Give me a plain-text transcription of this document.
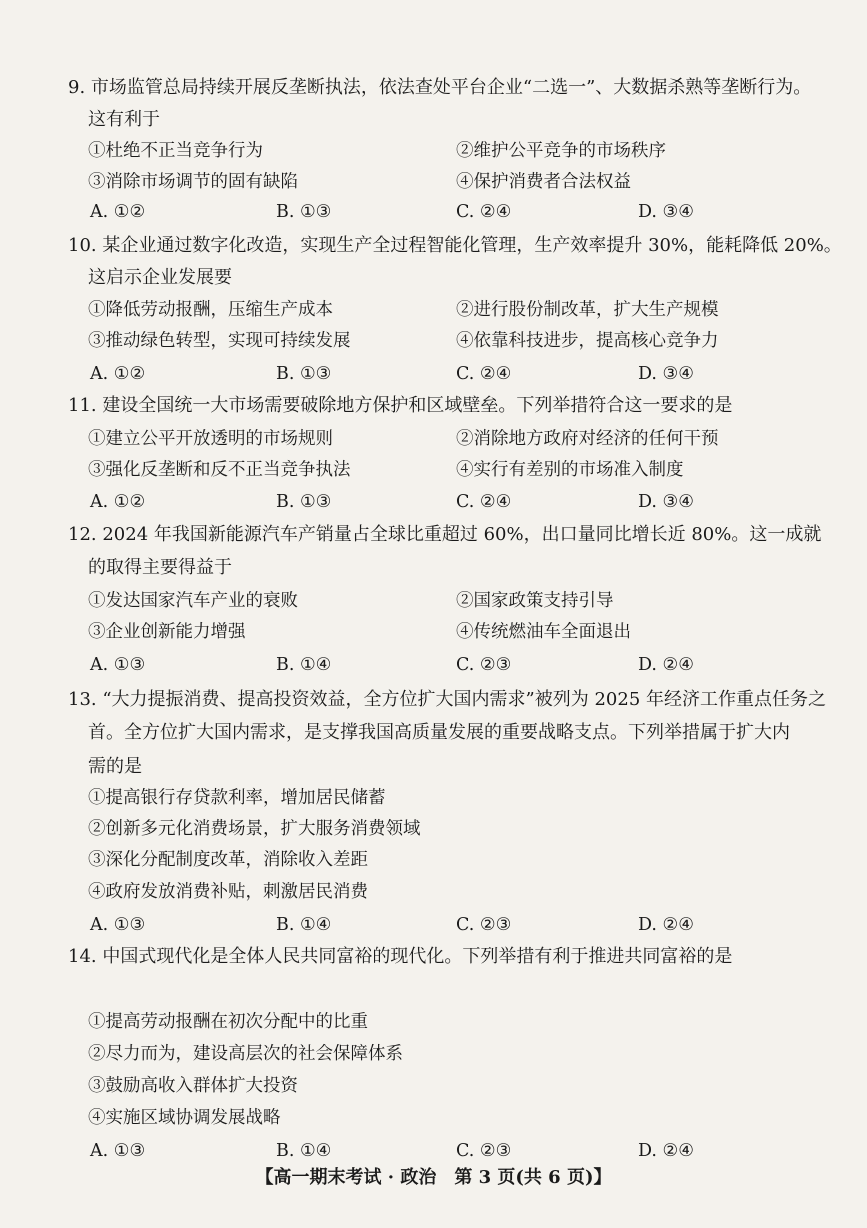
9. 市场监管总局持续开展反垄断执法，依法查处平台企业“二选一”、大数据杀熟等垄断行为。
这有利于
①杜绝不正当竞争行为	②维护公平竞争的市场秩序
③消除市场调节的固有缺陷	④保护消费者合法权益
A. ①②	B. ①③	C. ②④	D. ③④
10. 某企业通过数字化改造，实现生产全过程智能化管理，生产效率提升 30%，能耗降低 20%。
这启示企业发展要
①降低劳动报酬，压缩生产成本	②进行股份制改革，扩大生产规模
③推动绿色转型，实现可持续发展	④依靠科技进步，提高核心竞争力
A. ①②	B. ①③	C. ②④	D. ③④
11. 建设全国统一大市场需要破除地方保护和区域壁垒。下列举措符合这一要求的是
①建立公平开放透明的市场规则	②消除地方政府对经济的任何干预
③强化反垄断和反不正当竞争执法	④实行有差别的市场准入制度
A. ①②	B. ①③	C. ②④	D. ③④
12. 2024 年我国新能源汽车产销量占全球比重超过 60%，出口量同比增长近 80%。这一成就
的取得主要得益于
①发达国家汽车产业的衰败	②国家政策支持引导
③企业创新能力增强	④传统燃油车全面退出
A. ①③	B. ①④	C. ②③	D. ②④
13. “大力提振消费、提高投资效益，全方位扩大国内需求”被列为 2025 年经济工作重点任务之
首。全方位扩大国内需求，是支撑我国高质量发展的重要战略支点。下列举措属于扩大内
需的是
①提高银行存贷款利率，增加居民储蓄
②创新多元化消费场景，扩大服务消费领域
③深化分配制度改革，消除收入差距
④政府发放消费补贴，刺激居民消费
A. ①③	B. ①④	C. ②③	D. ②④
14. 中国式现代化是全体人民共同富裕的现代化。下列举措有利于推进共同富裕的是
①提高劳动报酬在初次分配中的比重
②尽力而为，建设高层次的社会保障体系
③鼓励高收入群体扩大投资
④实施区域协调发展战略
A. ①③	B. ①④	C. ②③	D. ②④
【高一期末考试 · 政治　第 3 页(共 6 页)】
